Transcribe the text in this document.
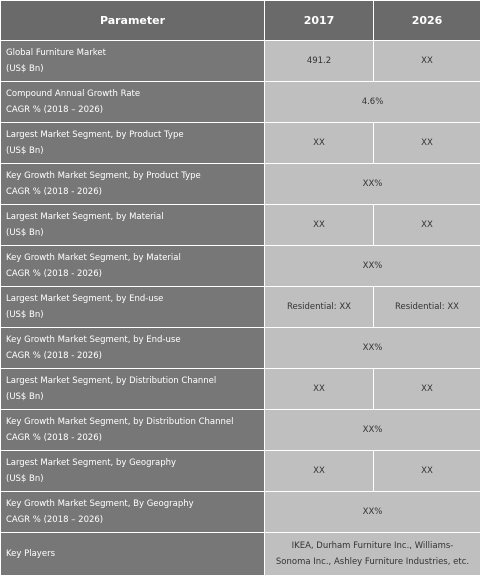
Parameter	2017	2026

Global Furniture Market
(US$ Bn)	491.2	XX

Compound Annual Growth Rate
CAGR % (2018 – 2026)	4.6%	

Largest Market Segment, by Product Type
(US$ Bn)	XX	XX

Key Growth Market Segment, by Product Type
CAGR % (2018 - 2026)	XX%	

Largest Market Segment, by Material
(US$ Bn)	XX	XX

Key Growth Market Segment, by Material
CAGR % (2018 - 2026)	XX%	

Largest Market Segment, by End-use
(US$ Bn)	Residential: XX	Residential: XX

Key Growth Market Segment, by End-use
CAGR % (2018 - 2026)	XX%	

Largest Market Segment, by Distribution Channel
(US$ Bn)	XX	XX

Key Growth Market Segment, by Distribution Channel
CAGR % (2018 - 2026)	XX%	

Largest Market Segment, by Geography
(US$ Bn)	XX	XX

Key Growth Market Segment, By Geography
CAGR % (2018 – 2026)	XX%	

Key Players	IKEA, Durham Furniture Inc., Williams-
Sonoma Inc., Ashley Furniture Industries, etc.	
